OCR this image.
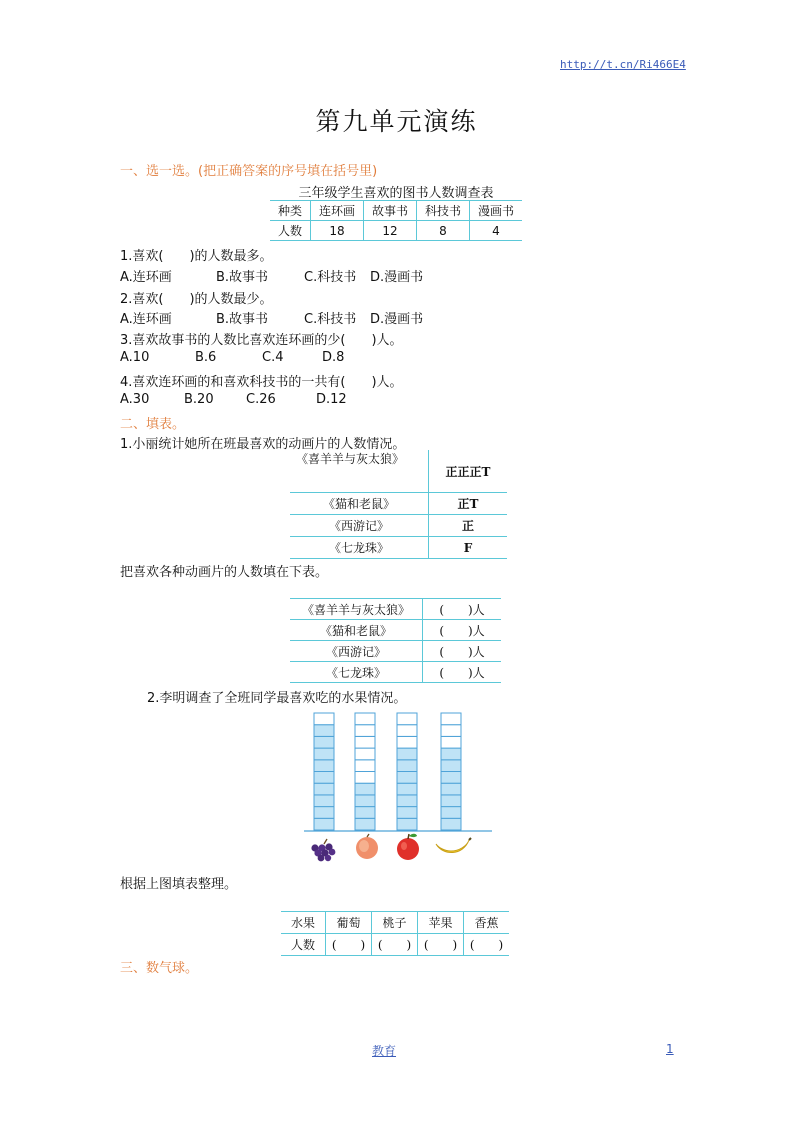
http://t.cn/Ri466E4
第九单元演练
一、选一选。(把正确答案的序号填在括号里)
三年级学生喜欢的图书人数调查表
种类	连环画	故事书	科技书	漫画书
人数	18	12	8	4
1.喜欢(　　)的人数最多。
A.连环画	B.故事书	C.科技书 D.漫画书
2.喜欢(　　)的人数最少。
A.连环画	B.故事书	C.科技书 D.漫画书
3.喜欢故事书的人数比喜欢连环画的少(　　)人。
A.10	B.6	C.4	D.8
4.喜欢连环画的和喜欢科技书的一共有(　　)人。
A.30	B.20 C.26	D.12
二、填表。
1.小丽统计她所在班最喜欢的动画片的人数情况。
《喜羊羊与灰太狼》	正正正T
《猫和老鼠》	正T
《西游记》	正
《七龙珠》	F
把喜欢各种动画片的人数填在下表。
《喜羊羊与灰太狼》	(　　)人
《猫和老鼠》	(　　)人
《西游记》	(　　)人
《七龙珠》	(　　)人
2.李明调查了全班同学最喜欢吃的水果情况。
根据上图填表整理。
水果	葡萄	桃子	苹果	香蕉
人数	(　　)	(　　)	(　　)	(　　)
三、数气球。
教育	1
